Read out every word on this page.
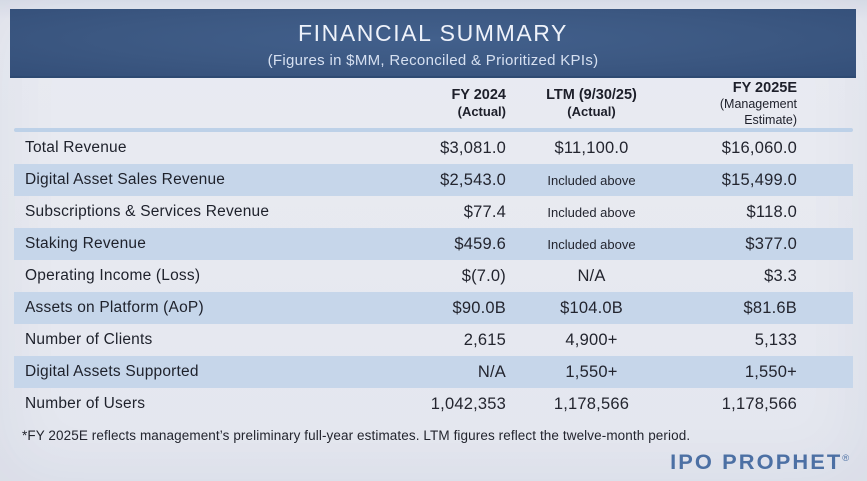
FINANCIAL SUMMARY
(Figures in $MM, Reconciled & Prioritized KPIs)
FY 2024
(Actual)
LTM (9/30/25)
(Actual)
FY 2025E
(Management Estimate)
Total Revenue	$3,081.0	$11,100.0	$16,060.0
Digital Asset Sales Revenue	$2,543.0	Included above	$15,499.0
Subscriptions & Services Revenue	$77.4	Included above	$118.0
Staking Revenue	$459.6	Included above	$377.0
Operating Income (Loss)	$(7.0)	N/A	$3.3
Assets on Platform (AoP)	$90.0B	$104.0B	$81.6B
Number of Clients	2,615	4,900+	5,133
Digital Assets Supported	N/A	1,550+	1,550+
Number of Users	1,042,353	1,178,566	1,178,566

*FY 2025E reflects management’s preliminary full-year estimates. LTM figures reflect the twelve-month period.

IPO PROPHET®
